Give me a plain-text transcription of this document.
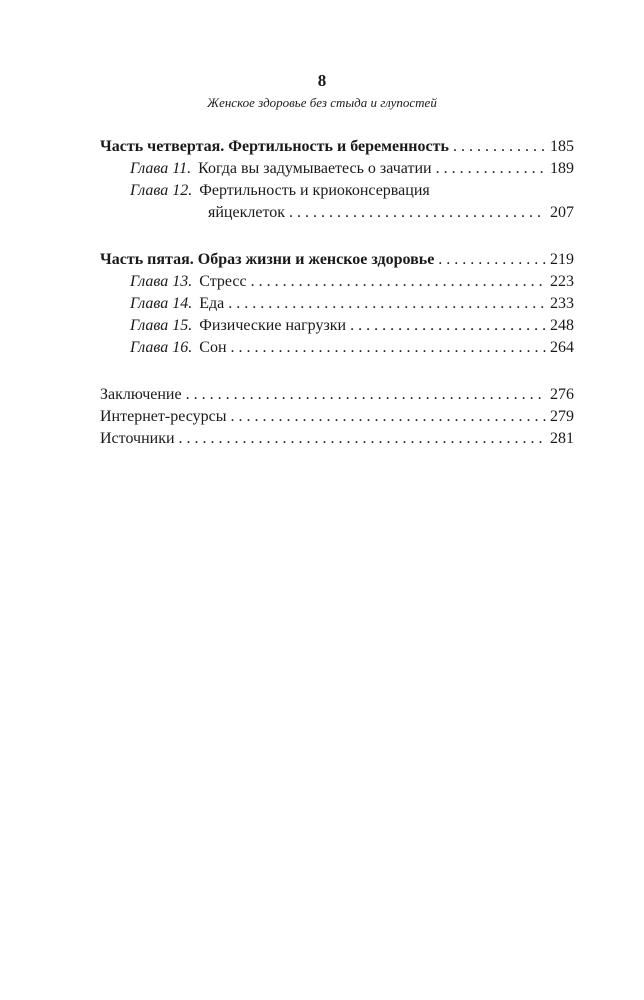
8
Женское здоровье без стыда и глупостей
Часть четвертая. Фертильность и беременность . . .	185
Глава 11. Когда вы задумываетесь о зачатии . . .	189
Глава 12. Фертильность и криоконсервация
яйцеклеток . . .	207
Часть пятая. Образ жизни и женское здоровье . . .	219
Глава 13. Стресс . . .	223
Глава 14. Еда . . .	233
Глава 15. Физические нагрузки . . .	248
Глава 16. Сон . . .	264
Заключение . . .	276
Интернет-ресурсы . . .	279
Источники . . .	281
